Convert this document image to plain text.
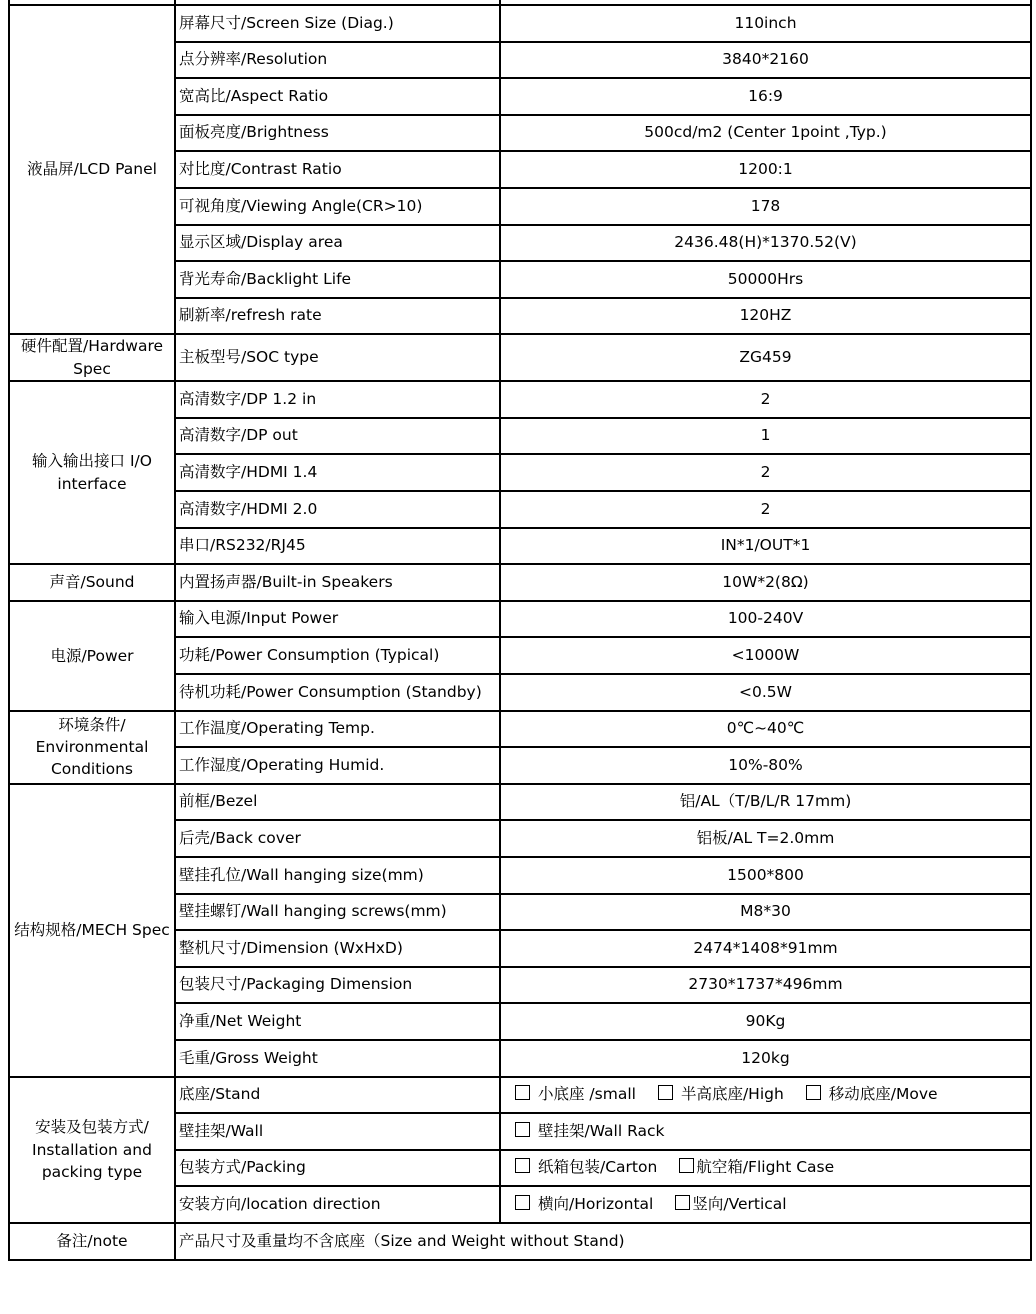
液晶屏/LCD Panel	屏幕尺寸/Screen Size (Diag.)	110inch
	点分辨率/Resolution	3840*2160
	宽高比/Aspect Ratio	16:9
	面板亮度/Brightness	500cd/m2 (Center 1point ,Typ.)
	对比度/Contrast Ratio	1200:1
	可视角度/Viewing Angle(CR>10)	178
	显示区域/Display area	2436.48(H)*1370.52(V)
	背光寿命/Backlight Life	50000Hrs
	刷新率/refresh rate	120HZ
硬件配置/Hardware Spec	主板型号/SOC type	ZG459
输入输出接口 I/O interface	高清数字/DP 1.2 in	2
	高清数字/DP out	1
	高清数字/HDMI 1.4	2
	高清数字/HDMI 2.0	2
	串口/RS232/RJ45	IN*1/OUT*1
声音/Sound	内置扬声器/Built-in Speakers	10W*2(8Ω)
电源/Power	输入电源/Input Power	100-240V
	功耗/Power Consumption (Typical)	<1000W
	待机功耗/Power Consumption (Standby)	<0.5W
环境条件/ Environmental Conditions	工作温度/Operating Temp.	0℃~40℃
	工作湿度/Operating Humid.	10%-80%
结构规格/MECH Spec	前框/Bezel	铝/AL（T/B/L/R 17mm)
	后壳/Back cover	铝板/AL T=2.0mm
	壁挂孔位/Wall hanging size(mm)	1500*800
	壁挂螺钉/Wall hanging screws(mm)	M8*30
	整机尺寸/Dimension (WxHxD)	2474*1408*91mm
	包装尺寸/Packaging Dimension	2730*1737*496mm
	净重/Net Weight	90Kg
	毛重/Gross Weight	120kg
安装及包装方式/ Installation and packing type	底座/Stand	小底座 /small 半高底座/High 移动底座/Move
	壁挂架/Wall	壁挂架/Wall Rack
	包装方式/Packing	纸箱包装/Carton 航空箱/Flight Case
	安装方向/location direction	横向/Horizontal 竖向/Vertical
备注/note	产品尺寸及重量均不含底座（Size and Weight without Stand)	
